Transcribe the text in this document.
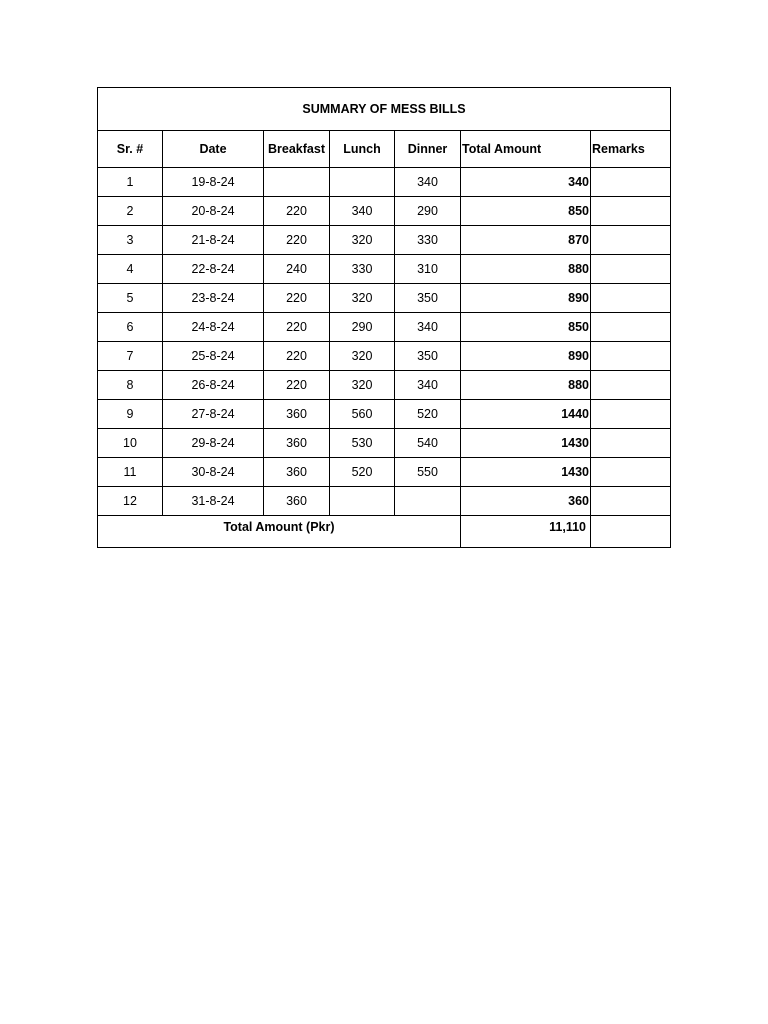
SUMMARY OF MESS BILLS						
Sr. #	Date	Breakfast	Lunch	Dinner	Total Amount	Remarks
1	19-8-24			340	340	
2	20-8-24	220	340	290	850	
3	21-8-24	220	320	330	870	
4	22-8-24	240	330	310	880	
5	23-8-24	220	320	350	890	
6	24-8-24	220	290	340	850	
7	25-8-24	220	320	350	890	
8	26-8-24	220	320	340	880	
9	27-8-24	360	560	520	1440	
10	29-8-24	360	530	540	1430	
11	30-8-24	360	520	550	1430	
12	31-8-24	360			360	
Total Amount (Pkr)					11,110	
